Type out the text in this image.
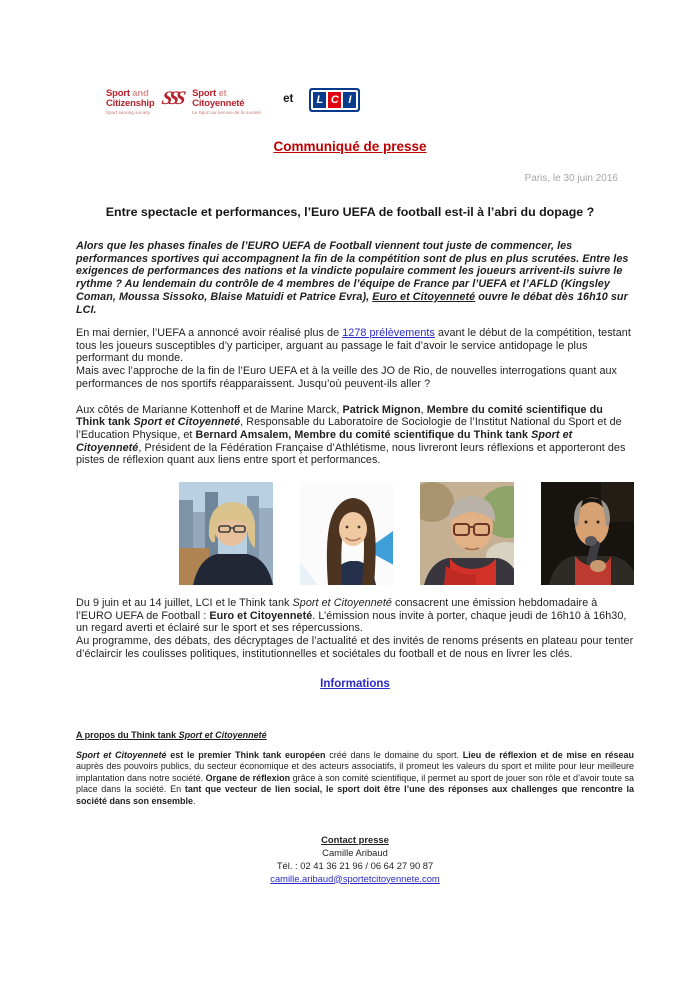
Sport and
Citizenship
Sport serving society
SSS Sport et
Citoyenneté
Le Sport au service de la société
et L C I
Communiqué de presse
Paris, le 30 juin 2016
Entre spectacle et performances, l’Euro UEFA de football est-il à l’abri du dopage ?

Alors que les phases finales de l’EURO UEFA de Football viennent tout juste de commencer, les performances sportives qui accompagnent la fin de la compétition sont de plus en plus scrutées. Entre les exigences de performances des nations et la vindicte populaire comment les joueurs arrivent-ils suivre le rythme ? Au lendemain du contrôle de 4 membres de l’équipe de France par l’UEFA et l’AFLD (Kingsley Coman, Moussa Sissoko, Blaise Matuidi et Patrice Evra), Euro et Citoyenneté ouvre le débat dès 16h10 sur LCI.

En mai dernier, l’UEFA a annoncé avoir réalisé plus de 1278 prélèvements avant le début de la compétition, testant tous les joueurs susceptibles d’y participer, arguant au passage le fait d’avoir le service antidopage le plus performant du monde.
Mais avec l’approche de la fin de l’Euro UEFA et à la veille des JO de Rio, de nouvelles interrogations quant aux performances de nos sportifs réapparaissent. Jusqu’où peuvent-ils aller ?

Aux côtés de Marianne Kottenhoff et de Marine Marck, Patrick Mignon, Membre du comité scientifique du Think tank Sport et Citoyenneté, Responsable du Laboratoire de Sociologie de l’Institut National du Sport et de l’Education Physique, et Bernard Amsalem, Membre du comité scientifique du Think tank Sport et Citoyenneté, Président de la Fédération Française d’Athlétisme, nous livreront leurs réflexions et apporteront des pistes de réflexion quant aux liens entre sport et performances.

Du 9 juin et au 14 juillet, LCI et le Think tank Sport et Citoyenneté consacrent une émission hebdomadaire à l’EURO UEFA de Football : Euro et Citoyenneté. L’émission nous invite à porter, chaque jeudi de 16h10 à 16h30, un regard averti et éclairé sur le sport et ses répercussions.
Au programme, des débats, des décryptages de l’actualité et des invités de renoms présents en plateau pour tenter d’éclaircir les coulisses politiques, institutionnelles et sociétales du football et de nous en livrer les clés.

Informations
A propos du Think tank Sport et Citoyenneté

Sport et Citoyenneté est le premier Think tank européen créé dans le domaine du sport. Lieu de réflexion et de mise en réseau auprès des pouvoirs publics, du secteur économique et des acteurs associatifs, il promeut les valeurs du sport et milite pour leur meilleure implantation dans notre société. Organe de réflexion grâce à son comité scientifique, il permet au sport de jouer son rôle et d’avoir toute sa place dans la société. En tant que vecteur de lien social, le sport doit être l’une des réponses aux challenges que rencontre la société dans son ensemble.

Contact presse
Camille Aribaud
Tél. : 02 41 36 21 96 / 06 64 27 90 87
camille.aribaud@sportetcitoyennete.com
